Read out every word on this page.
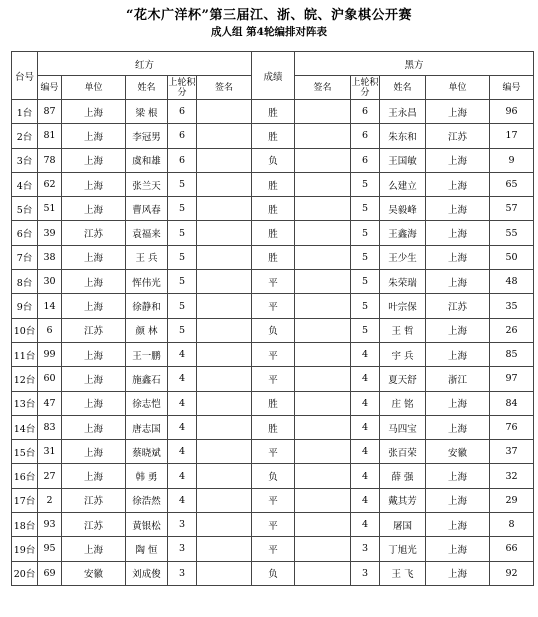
“花木广洋杯”第三届江、浙、皖、沪象棋公开赛
成人组 第4轮编排对阵表
台号	红方					成绩	黑方				
	编号	单位	姓名	上轮积分	签名		签名	上轮积分	姓名	单位	编号
1台	87	上海	梁 根	6		胜		6	王永昌	上海	96
2台	81	上海	李冠男	6		胜		6	朱东和	江苏	17
3台	78	上海	虞和雄	6		负		6	王国敏	上海	9
4台	62	上海	张兰天	5		胜		5	么建立	上海	65
5台	51	上海	曹风春	5		胜		5	吴毅峰	上海	57
6台	39	江苏	袁福来	5		胜		5	王鑫海	上海	55
7台	38	上海	王 兵	5		胜		5	王少生	上海	50
8台	30	上海	恽伟光	5		平		5	朱荣瑞	上海	48
9台	14	上海	徐静和	5		平		5	叶宗保	江苏	35
10台	6	江苏	颜 林	5		负		5	王 哲	上海	26
11台	99	上海	王一鹏	4		平		4	宇 兵	上海	85
12台	60	上海	施鑫石	4		平		4	夏天舒	浙江	97
13台	47	上海	徐志恺	4		胜		4	庄 铭	上海	84
14台	83	上海	唐志国	4		胜		4	马四宝	上海	76
15台	31	上海	蔡晓斌	4		平		4	张百荣	安徽	37
16台	27	上海	韩 勇	4		负		4	薛 强	上海	32
17台	2	江苏	徐浩然	4		平		4	戴其芳	上海	29
18台	93	江苏	黄银松	3		平		4	屠国	上海	8
19台	95	上海	陶 恒	3		平		3	丁旭光	上海	66
20台	69	安徽	刘成俊	3		负		3	王 飞	上海	92
